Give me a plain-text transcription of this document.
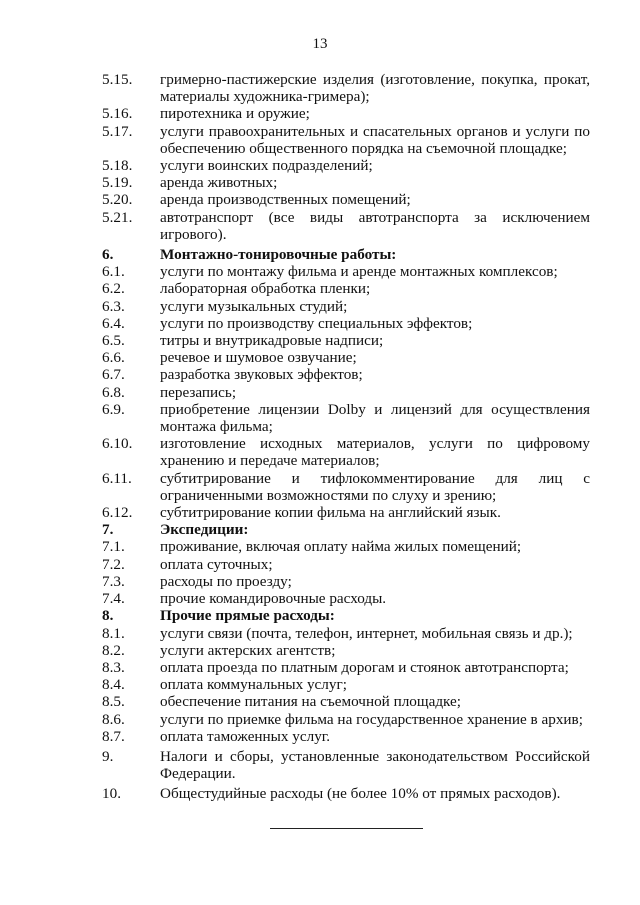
13
5.15.	гримерно-пастижерские изделия (изготовление, покупка, прокат, материалы художника-гримера);
5.16.	пиротехника и оружие;
5.17.	услуги правоохранительных и спасательных органов и услуги по обеспечению общественного порядка на съемочной площадке;
5.18.	услуги воинских подразделений;
5.19.	аренда животных;
5.20.	аренда производственных помещений;
5.21.	автотранспорт (все виды автотранспорта за исключением игрового).
6.	Монтажно-тонировочные работы:
6.1.	услуги по монтажу фильма и аренде монтажных комплексов;
6.2.	лабораторная обработка пленки;
6.3.	услуги музыкальных студий;
6.4.	услуги по производству специальных эффектов;
6.5.	титры и внутрикадровые надписи;
6.6.	речевое и шумовое озвучание;
6.7.	разработка звуковых эффектов;
6.8.	перезапись;
6.9.	приобретение лицензии Dolby и лицензий для осуществления монтажа фильма;
6.10.	изготовление исходных материалов, услуги по цифровому хранению и передаче материалов;
6.11.	субтитрирование и тифлокомментирование для лиц с ограниченными возможностями по слуху и зрению;
6.12.	субтитрирование копии фильма на английский язык.
7.	Экспедиции:
7.1.	проживание, включая оплату найма жилых помещений;
7.2.	оплата суточных;
7.3.	расходы по проезду;
7.4.	прочие командировочные расходы.
8.	Прочие прямые расходы:
8.1.	услуги связи (почта, телефон, интернет, мобильная связь и др.);
8.2.	услуги актерских агентств;
8.3.	оплата проезда по платным дорогам и стоянок автотранспорта;
8.4.	оплата коммунальных услуг;
8.5.	обеспечение питания на съемочной площадке;
8.6.	услуги по приемке фильма на государственное хранение в архив;
8.7.	оплата таможенных услуг.
9.	Налоги и сборы, установленные законодательством Российской Федерации.
10.	Общестудийные расходы (не более 10% от прямых расходов).
